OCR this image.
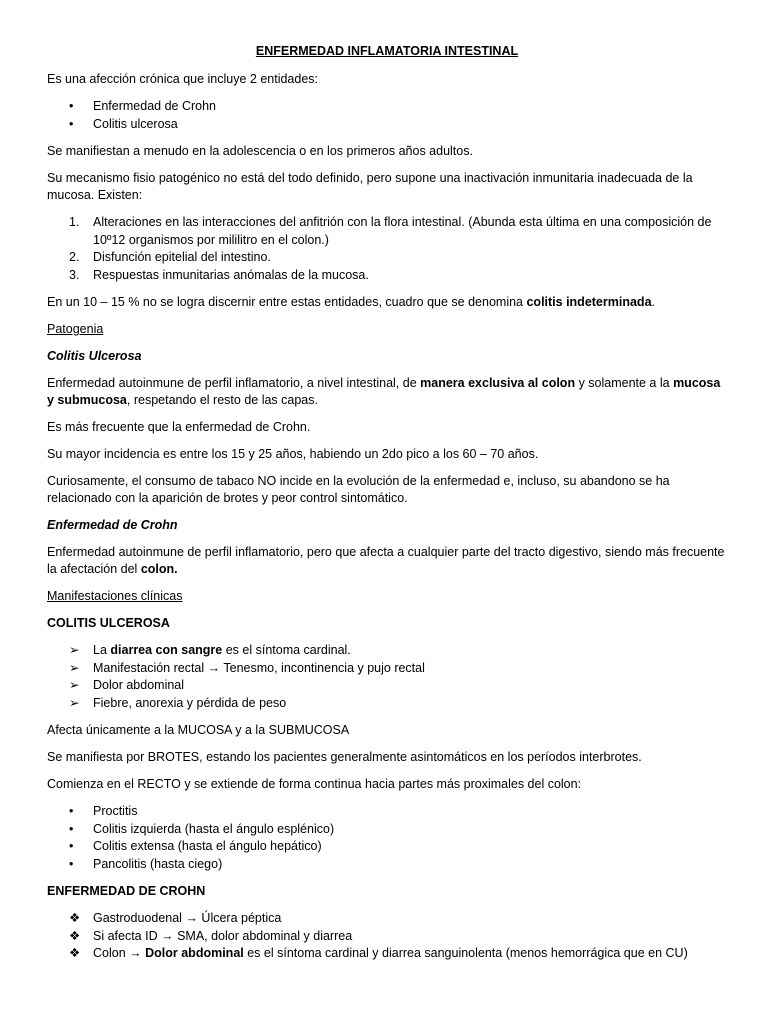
ENFERMEDAD INFLAMATORIA INTESTINAL

Es una afección crónica que incluye 2 entidades:

•	Enfermedad de Crohn
•	Colitis ulcerosa

Se manifiestan a menudo en la adolescencia o en los primeros años adultos.

Su mecanismo fisio patogénico no está del todo definido, pero supone una inactivación inmunitaria inadecuada de la mucosa. Existen:

1.	Alteraciones en las interacciones del anfitrión con la flora intestinal. (Abunda esta última en una composición de 10º12 organismos por mililitro en el colon.)
2.	Disfunción epitelial del intestino.
3.	Respuestas inmunitarias anómalas de la mucosa.

En un 10 – 15 % no se logra discernir entre estas entidades, cuadro que se denomina colitis indeterminada.

Patogenia

Colitis Ulcerosa

Enfermedad autoinmune de perfil inflamatorio, a nivel intestinal, de manera exclusiva al colon y solamente a la mucosa y submucosa, respetando el resto de las capas.

Es más frecuente que la enfermedad de Crohn.

Su mayor incidencia es entre los 15 y 25 años, habiendo un 2do pico a los 60 – 70 años.

Curiosamente, el consumo de tabaco NO incide en la evolución de la enfermedad e, incluso, su abandono se ha relacionado con la aparición de brotes y peor control sintomático.

Enfermedad de Crohn

Enfermedad autoinmune de perfil inflamatorio, pero que afecta a cualquier parte del tracto digestivo, siendo más frecuente la afectación del colon.

Manifestaciones clínicas

COLITIS ULCEROSA

➢	La diarrea con sangre es el síntoma cardinal.
➢	Manifestación rectal → Tenesmo, incontinencia y pujo rectal
➢	Dolor abdominal
➢	Fiebre, anorexia y pérdida de peso

Afecta únicamente a la MUCOSA y a la SUBMUCOSA

Se manifiesta por BROTES, estando los pacientes generalmente asintomáticos en los períodos interbrotes.

Comienza en el RECTO y se extiende de forma continua hacia partes más proximales del colon:

•	Proctitis
•	Colitis izquierda (hasta el ángulo esplénico)
•	Colitis extensa (hasta el ángulo hepático)
•	Pancolitis (hasta ciego)

ENFERMEDAD DE CROHN

❖	Gastroduodenal → Úlcera péptica
❖	Si afecta ID → SMA, dolor abdominal y diarrea
❖	Colon → Dolor abdominal es el síntoma cardinal y diarrea sanguinolenta (menos hemorrágica que en CU)
